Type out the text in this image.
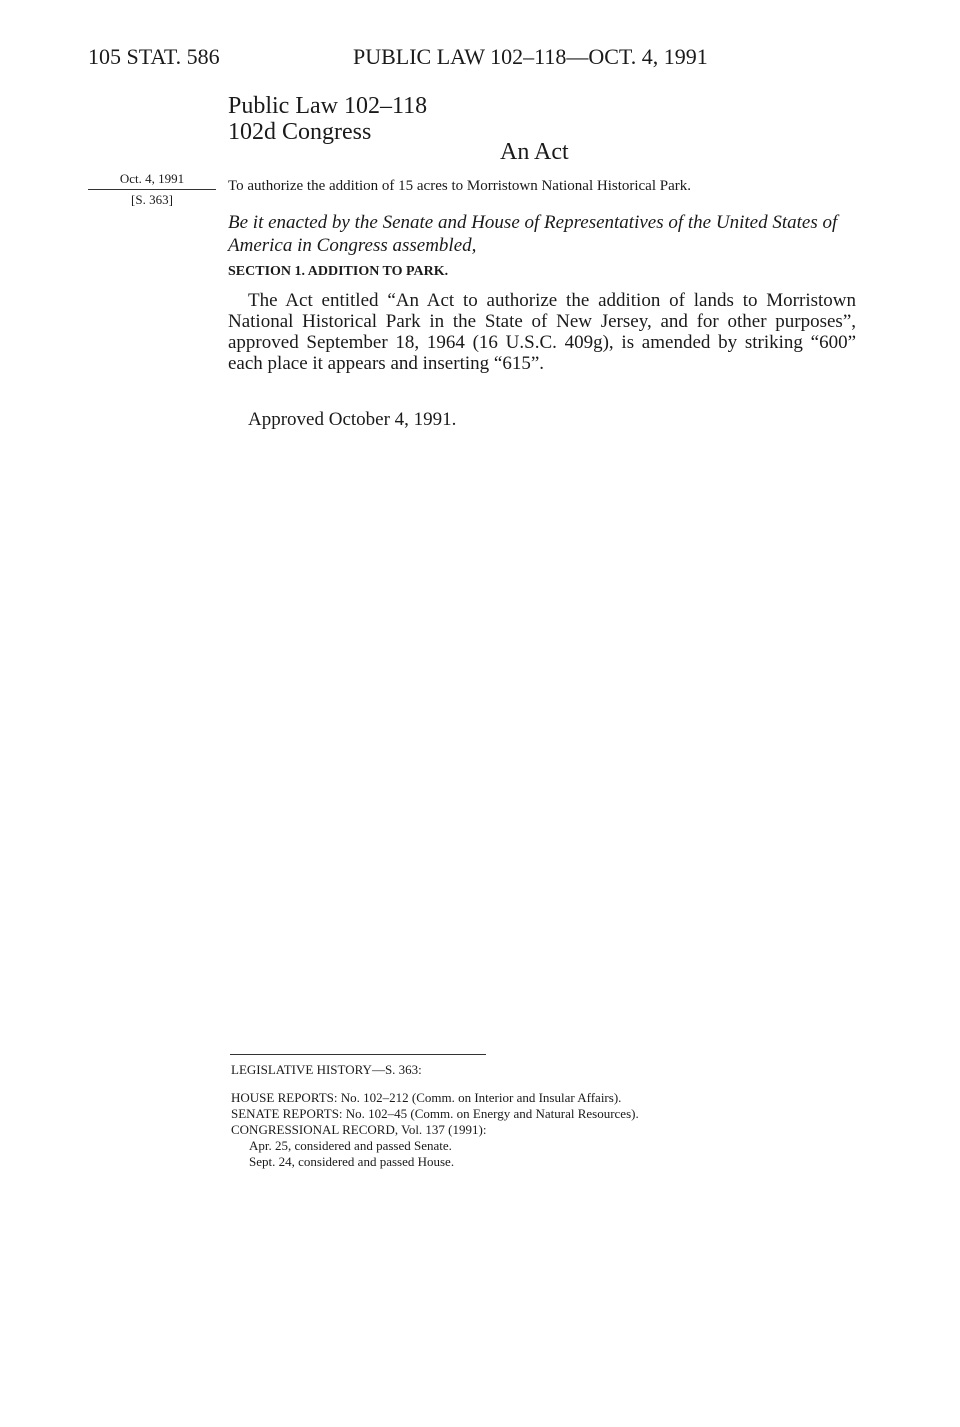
105 STAT. 586	PUBLIC LAW 102–118—OCT. 4, 1991
Public Law 102–118
102d Congress
An Act
Oct. 4, 1991
[S. 363]
To authorize the addition of 15 acres to Morristown National Historical Park.
Be it enacted by the Senate and House of Representatives of the United States of America in Congress assembled,
SECTION 1. ADDITION TO PARK.
The Act entitled “An Act to authorize the addition of lands to Morristown National Historical Park in the State of New Jersey, and for other purposes”, approved September 18, 1964 (16 U.S.C. 409g), is amended by striking “600” each place it appears and inserting “615”.
Approved October 4, 1991.
LEGISLATIVE HISTORY—S. 363:
HOUSE REPORTS: No. 102–212 (Comm. on Interior and Insular Affairs).
SENATE REPORTS: No. 102–45 (Comm. on Energy and Natural Resources).
CONGRESSIONAL RECORD, Vol. 137 (1991):
Apr. 25, considered and passed Senate.
Sept. 24, considered and passed House.
